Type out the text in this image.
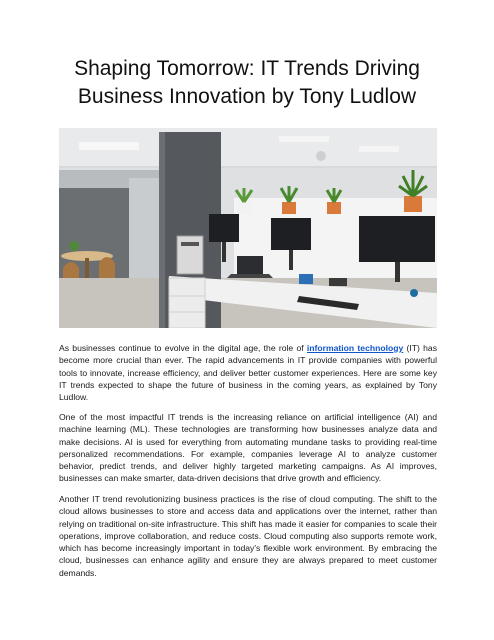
Shaping Tomorrow: IT Trends Driving Business Innovation by Tony Ludlow

As businesses continue to evolve in the digital age, the role of information technology (IT) has become more crucial than ever. The rapid advancements in IT provide companies with powerful tools to innovate, increase efficiency, and deliver better customer experiences. Here are some key IT trends expected to shape the future of business in the coming years, as explained by Tony Ludlow.

One of the most impactful IT trends is the increasing reliance on artificial intelligence (AI) and machine learning (ML). These technologies are transforming how businesses analyze data and make decisions. AI is used for everything from automating mundane tasks to providing real-time personalized recommendations. For example, companies leverage AI to analyze customer behavior, predict trends, and deliver highly targeted marketing campaigns. As AI improves, businesses can make smarter, data-driven decisions that drive growth and efficiency.

Another IT trend revolutionizing business practices is the rise of cloud computing. The shift to the cloud allows businesses to store and access data and applications over the internet, rather than relying on traditional on-site infrastructure. This shift has made it easier for companies to scale their operations, improve collaboration, and reduce costs. Cloud computing also supports remote work, which has become increasingly important in today's flexible work environment. By embracing the cloud, businesses can enhance agility and ensure they are always prepared to meet customer demands.
